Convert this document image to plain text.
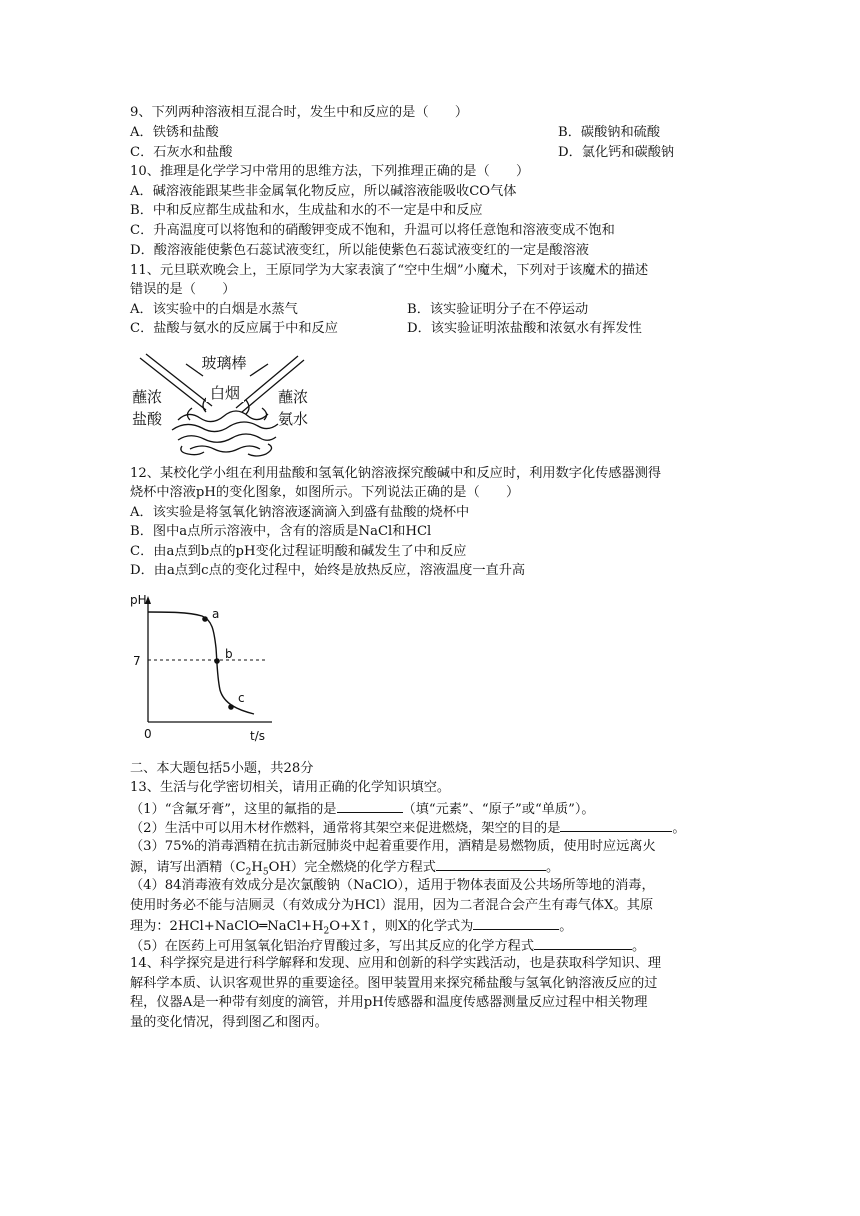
9、下列两种溶液相互混合时，发生中和反应的是（　　）
A．铁锈和盐酸	B．碳酸钠和硫酸
C．石灰水和盐酸	D．氯化钙和碳酸钠
10、推理是化学学习中常用的思维方法，下列推理正确的是（　　）
A．碱溶液能跟某些非金属氧化物反应，所以碱溶液能吸收CO气体
B．中和反应都生成盐和水，生成盐和水的不一定是中和反应
C．升高温度可以将饱和的硝酸钾变成不饱和，升温可以将任意饱和溶液变成不饱和
D．酸溶液能使紫色石蕊试液变红，所以能使紫色石蕊试液变红的一定是酸溶液
11、元旦联欢晚会上，王原同学为大家表演了“空中生烟”小魔术，下列对于该魔术的描述
错误的是（　　）
A．该实验中的白烟是水蒸气	B．该实验证明分子在不停运动
C．盐酸与氨水的反应属于中和反应	D．该实验证明浓盐酸和浓氨水有挥发性
玻璃棒
白烟
蘸浓
盐酸
蘸浓
氨水
12、某校化学小组在利用盐酸和氢氧化钠溶液探究酸碱中和反应时，利用数字化传感器测得
烧杯中溶液pH的变化图象，如图所示。下列说法正确的是（　　）
A．该实验是将氢氧化钠溶液逐滴滴入到盛有盐酸的烧杯中
B．图中a点所示溶液中，含有的溶质是NaCl和HCl
C．由a点到b点的pH变化过程证明酸和碱发生了中和反应
D．由a点到c点的变化过程中，始终是放热反应，溶液温度一直升高
pH
7
0	t/s
a
b
c
二、本大题包括5小题，共28分
13、生活与化学密切相关，请用正确的化学知识填空。
（1）“含氟牙膏”，这里的氟指的是	（填“元素”、“原子”或“单质”）。
（2）生活中可以用木材作燃料，通常将其架空来促进燃烧，架空的目的是	。
（3）75%的消毒酒精在抗击新冠肺炎中起着重要作用，酒精是易燃物质，使用时应远离火
源，请写出酒精$(C_2H_5OH)$完全燃烧的化学方程式	。
（4）84消毒液有效成分是次氯酸钠（NaClO），适用于物体表面及公共场所等地的消毒，
使用时务必不能与洁厕灵（有效成分为HCl）混用，因为二者混合会产生有毒气体X。其原
理为：$2HCl+NaClO═NaCl+H_2O+X↑$，则X的化学式为	。
（5）在医药上可用氢氧化铝治疗胃酸过多，写出其反应的化学方程式	。
14、科学探究是进行科学解释和发现、应用和创新的科学实践活动，也是获取科学知识、理
解科学本质、认识客观世界的重要途径。图甲装置用来探究稀盐酸与氢氧化钠溶液反应的过
程，仪器A是一种带有刻度的滴管，并用pH传感器和温度传感器测量反应过程中相关物理
量的变化情况，得到图乙和图丙。
